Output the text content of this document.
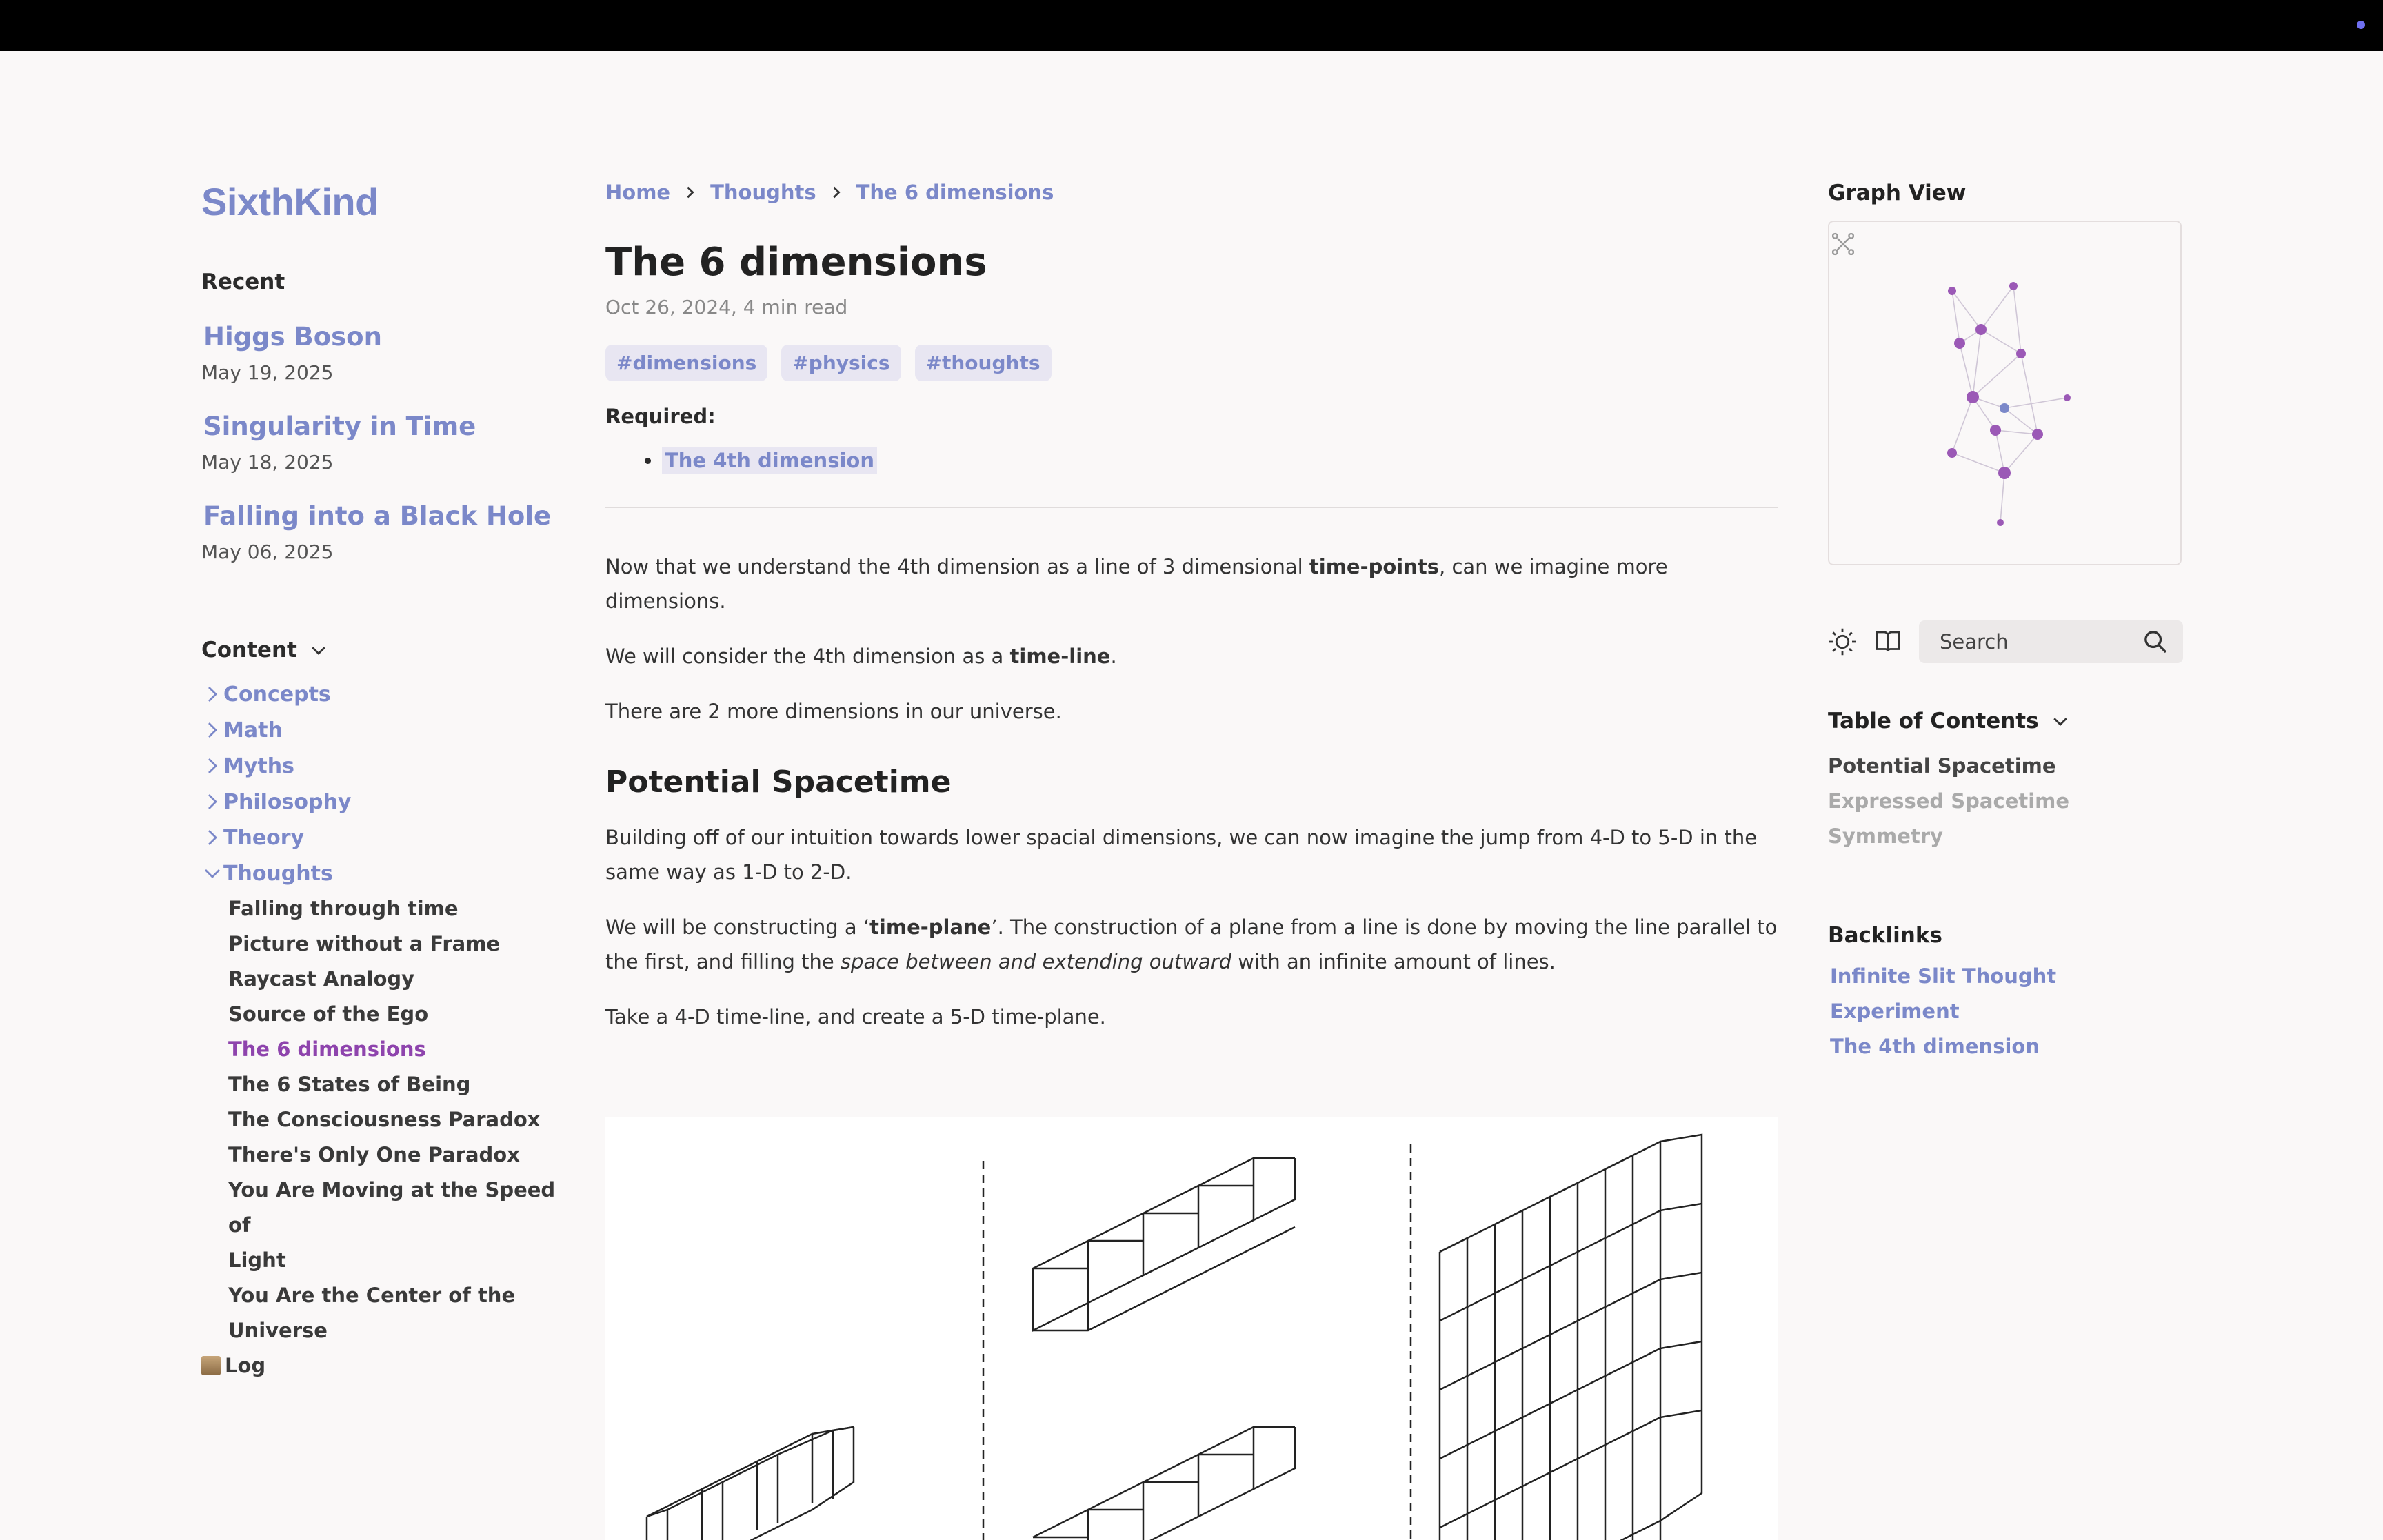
SixthKind
Recent
Higgs Boson
May 19, 2025
Singularity in Time
May 18, 2025
Falling into a Black Hole
May 06, 2025
Content
Concepts
Math
Myths
Philosophy
Theory
Thoughts
Falling through time
Picture without a Frame
Raycast Analogy
Source of the Ego
The 6 dimensions
The 6 States of Being
The Consciousness Paradox
There's Only One Paradox
You Are Moving at the Speed of
Light
You Are the Center of the Universe
Log
Home Thoughts The 6 dimensions
The 6 dimensions
Oct 26, 2024, 4 min read
#dimensions	#physics	#thoughts
Required:
• The 4th dimension

Now that we understand the 4th dimension as a line of 3 dimensional time-points, can we imagine more dimensions.

We will consider the 4th dimension as a time-line.

There are 2 more dimensions in our universe.

Potential Spacetime

Building off of our intuition towards lower spacial dimensions, we can now imagine the jump from 4-D to 5-D in the same way as 1-D to 2-D.

We will be constructing a ‘time-plane’. The construction of a plane from a line is done by moving the line parallel to the first, and filling the space between and extending outward with an infinite amount of lines.

Take a 4-D time-line, and create a 5-D time-plane.

Graph View
Search
Table of Contents
Potential Spacetime
Expressed Spacetime
Symmetry
Backlinks
Infinite Slit Thought Experiment
The 4th dimension
